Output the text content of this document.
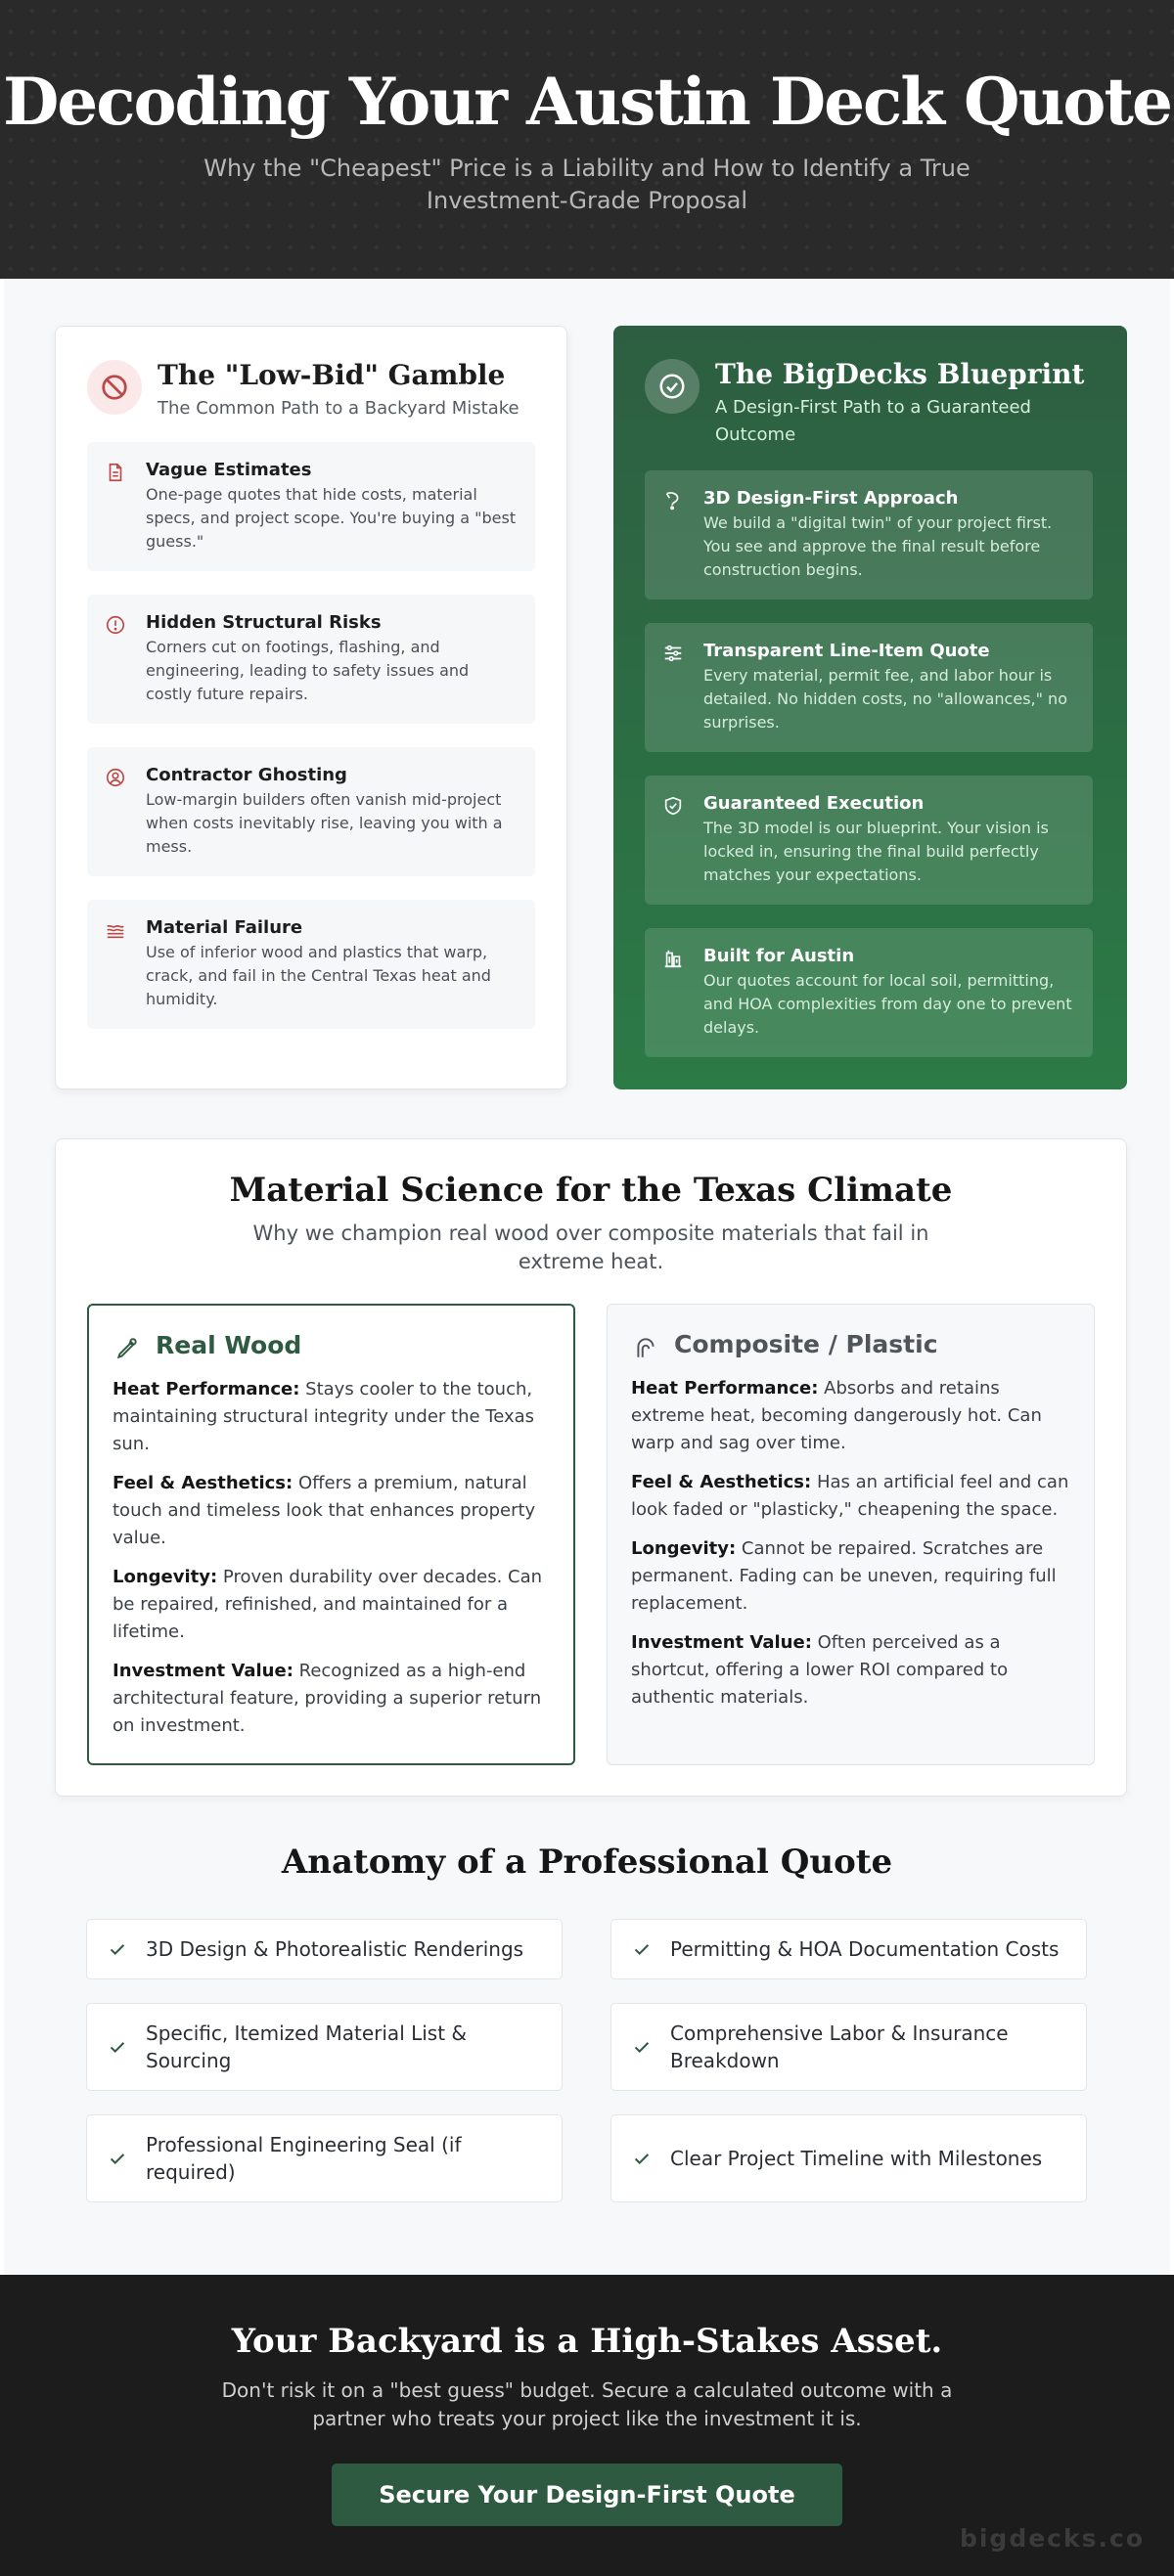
Decoding Your Austin Deck Quote

Why the "Cheapest" Price is a Liability and How to Identify a True Investment-Grade Proposal

The "Low-Bid" Gamble
The Common Path to a Backyard Mistake
Vague Estimates
One-page quotes that hide costs, material specs, and project scope. You're buying a "best guess."
Hidden Structural Risks
Corners cut on footings, flashing, and engineering, leading to safety issues and costly future repairs.
Contractor Ghosting
Low-margin builders often vanish mid-project when costs inevitably rise, leaving you with a mess.
Material Failure
Use of inferior wood and plastics that warp, crack, and fail in the Central Texas heat and humidity.
The BigDecks Blueprint
A Design-First Path to a Guaranteed Outcome
3D Design-First Approach
We build a "digital twin" of your project first. You see and approve the final result before construction begins.
Transparent Line-Item Quote
Every material, permit fee, and labor hour is detailed. No hidden costs, no "allowances," no surprises.
Guaranteed Execution
The 3D model is our blueprint. Your vision is locked in, ensuring the final build perfectly matches your expectations.
Built for Austin
Our quotes account for local soil, permitting, and HOA complexities from day one to prevent delays.
Material Science for the Texas Climate
Why we champion real wood over composite materials that fail in extreme heat.
Real Wood

Heat Performance: Stays cooler to the touch, maintaining structural integrity under the Texas sun.

Feel & Aesthetics: Offers a premium, natural touch and timeless look that enhances property value.

Longevity: Proven durability over decades. Can be repaired, refinished, and maintained for a lifetime.

Investment Value: Recognized as a high-end architectural feature, providing a superior return on investment.

Composite / Plastic

Heat Performance: Absorbs and retains extreme heat, becoming dangerously hot. Can warp and sag over time.

Feel & Aesthetics: Has an artificial feel and can look faded or "plasticky," cheapening the space.

Longevity: Cannot be repaired. Scratches are permanent. Fading can be uneven, requiring full replacement.

Investment Value: Often perceived as a shortcut, offering a lower ROI compared to authentic materials.

Anatomy of a Professional Quote
3D Design & Photorealistic Renderings	Permitting & HOA Documentation Costs
Specific, Itemized Material List & Sourcing
Comprehensive Labor & Insurance Breakdown
Professional Engineering Seal (if required)
Clear Project Timeline with Milestones
Your Backyard is a High-Stakes Asset.

Don't risk it on a "best guess" budget. Secure a calculated outcome with a partner who treats your project like the investment it is.

Secure Your Design-First Quote
bigdecks.co
